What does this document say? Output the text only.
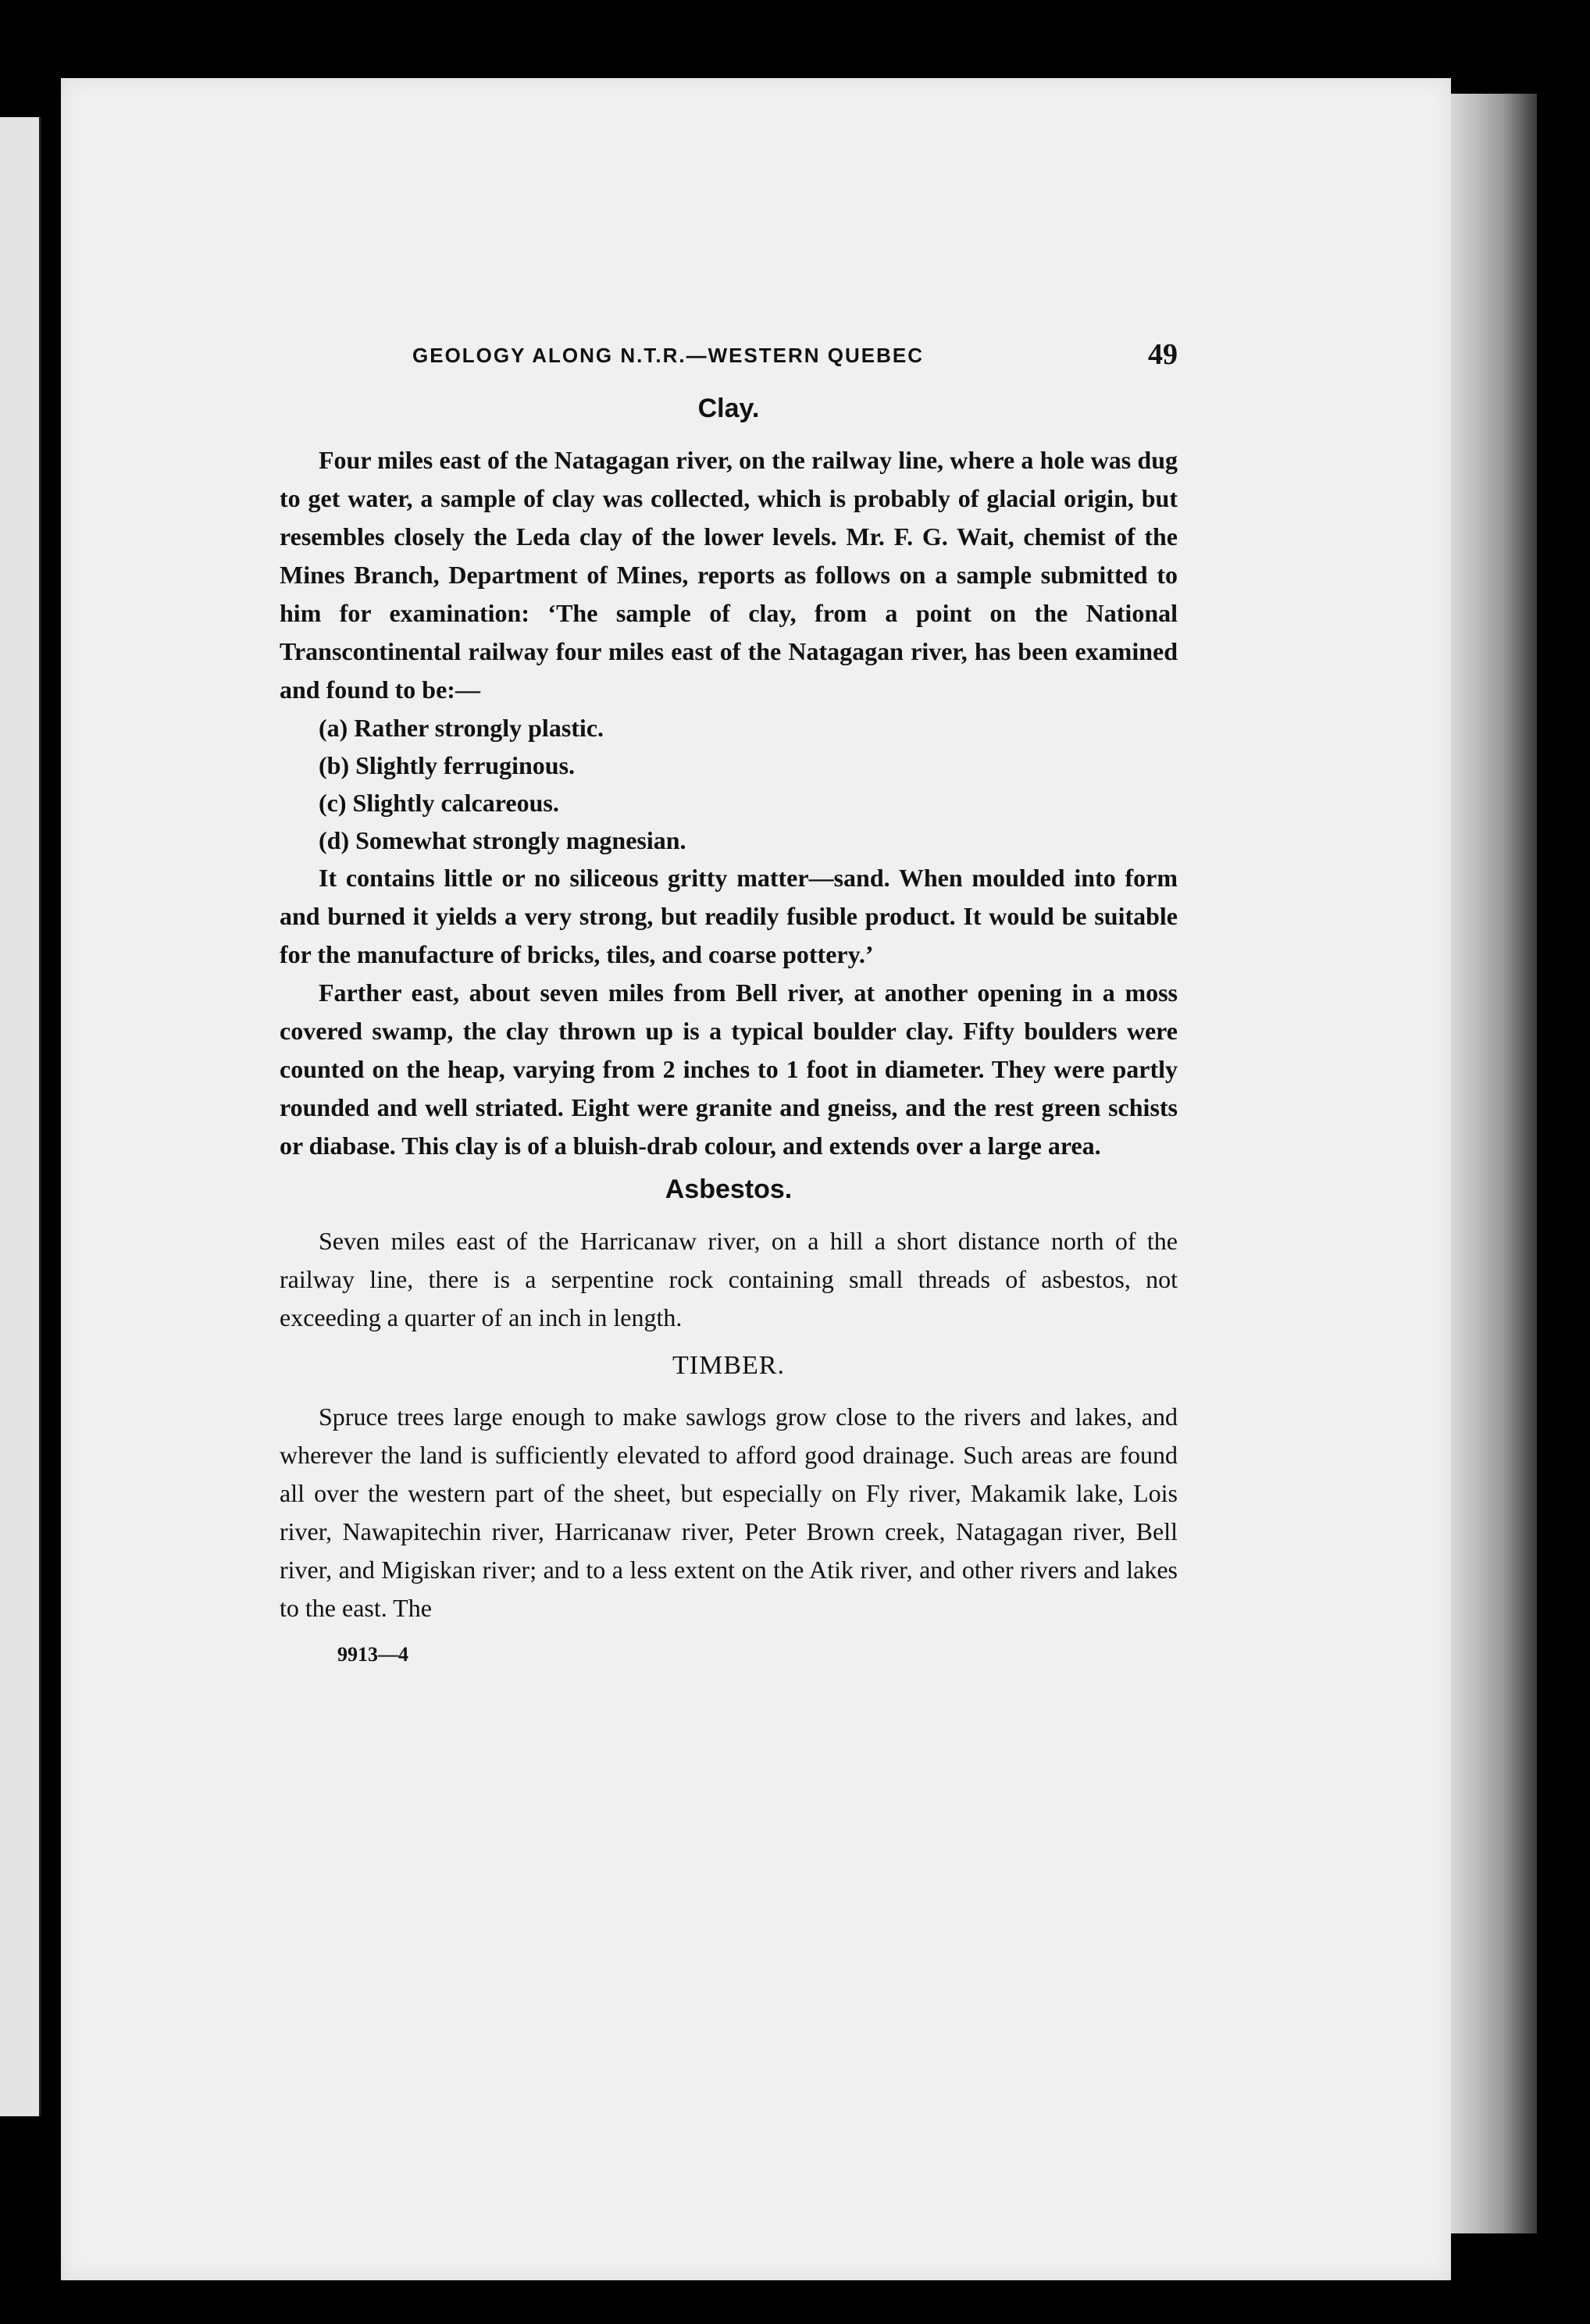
GEOLOGY ALONG N.T.R.—WESTERN QUEBEC	49
Clay.

Four miles east of the Natagagan river, on the railway line, where a hole was dug to get water, a sample of clay was collected, which is probably of glacial origin, but resembles closely the Leda clay of the lower levels. Mr. F. G. Wait, chemist of the Mines Branch, Department of Mines, reports as follows on a sample submitted to him for examination: ‘The sample of clay, from a point on the National Transcontinental railway four miles east of the Natagagan river, has been examined and found to be:—

(a) Rather strongly plastic.
(b) Slightly ferruginous.
(c) Slightly calcareous.
(d) Somewhat strongly magnesian.

It contains little or no siliceous gritty matter—sand. When moulded into form and burned it yields a very strong, but readily fusible product. It would be suitable for the manufacture of bricks, tiles, and coarse pottery.’

Farther east, about seven miles from Bell river, at another opening in a moss covered swamp, the clay thrown up is a typical boulder clay. Fifty boulders were counted on the heap, varying from 2 inches to 1 foot in diameter. They were partly rounded and well striated. Eight were granite and gneiss, and the rest green schists or diabase. This clay is of a bluish-drab colour, and extends over a large area.

Asbestos.

Seven miles east of the Harricanaw river, on a hill a short distance north of the railway line, there is a serpentine rock containing small threads of asbestos, not exceeding a quarter of an inch in length.

TIMBER.

Spruce trees large enough to make sawlogs grow close to the rivers and lakes, and wherever the land is sufficiently elevated to afford good drainage. Such areas are found all over the western part of the sheet, but especially on Fly river, Makamik lake, Lois river, Nawapitechin river, Harricanaw river, Peter Brown creek, Natagagan river, Bell river, and Migiskan river; and to a less extent on the Atik river, and other rivers and lakes to the east. The

9913—4
